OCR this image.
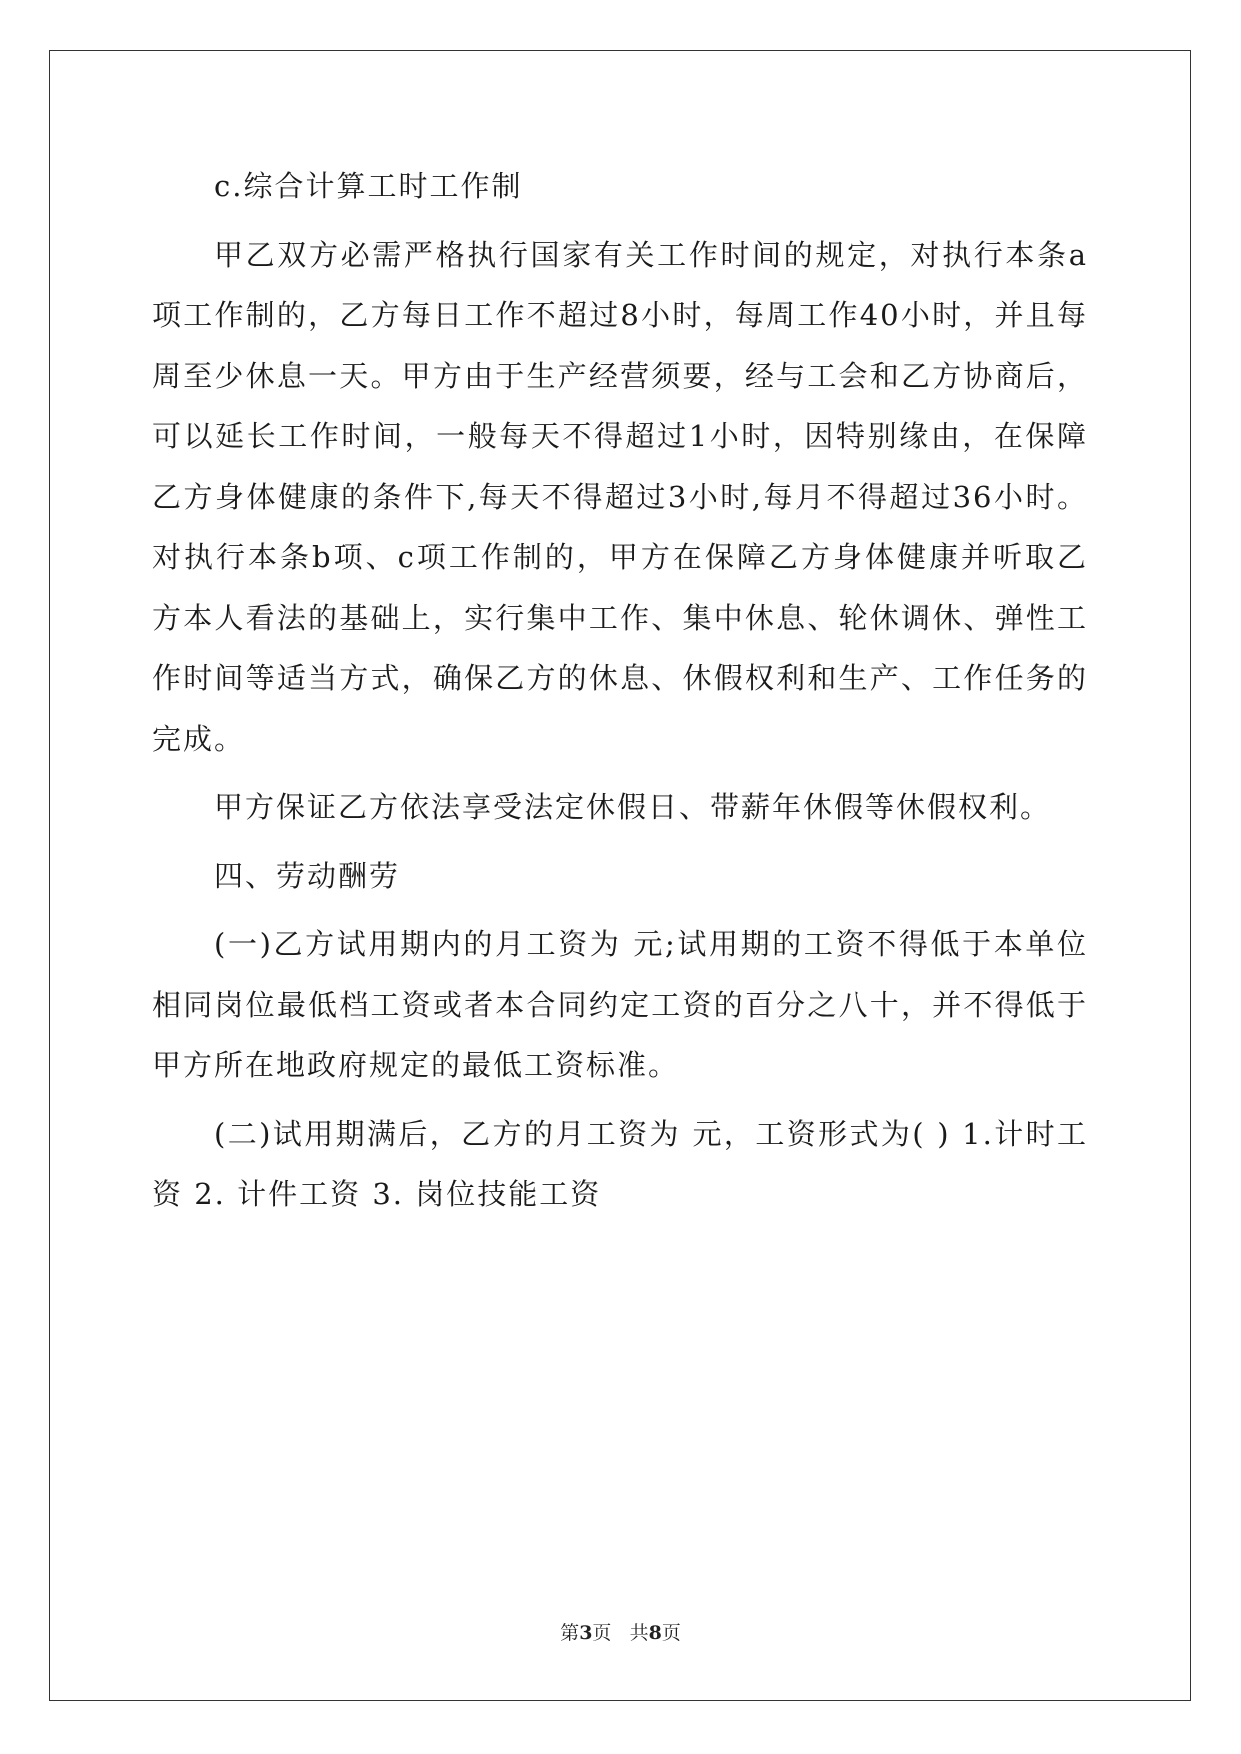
c.综合计算工时工作制

甲乙双方必需严格执行国家有关工作时间的规定，对执行本条a项工作制的，乙方每日工作不超过8小时，每周工作40小时，并且每周至少休息一天。甲方由于生产经营须要，经与工会和乙方协商后，可以延长工作时间，一般每天不得超过1小时，因特别缘由，在保障乙方身体健康的条件下,每天不得超过3小时,每月不得超过36小时。对执行本条b项、c项工作制的，甲方在保障乙方身体健康并听取乙方本人看法的基础上，实行集中工作、集中休息、轮休调休、弹性工作时间等适当方式，确保乙方的休息、休假权利和生产、工作任务的完成。

甲方保证乙方依法享受法定休假日、带薪年休假等休假权利。

四、劳动酬劳

(一)乙方试用期内的月工资为 元;试用期的工资不得低于本单位相同岗位最低档工资或者本合同约定工资的百分之八十，并不得低于甲方所在地政府规定的最低工资标准。

(二)试用期满后，乙方的月工资为 元，工资形式为( ) 1.计时工资 2. 计件工资 3. 岗位技能工资

第3页 共8页
